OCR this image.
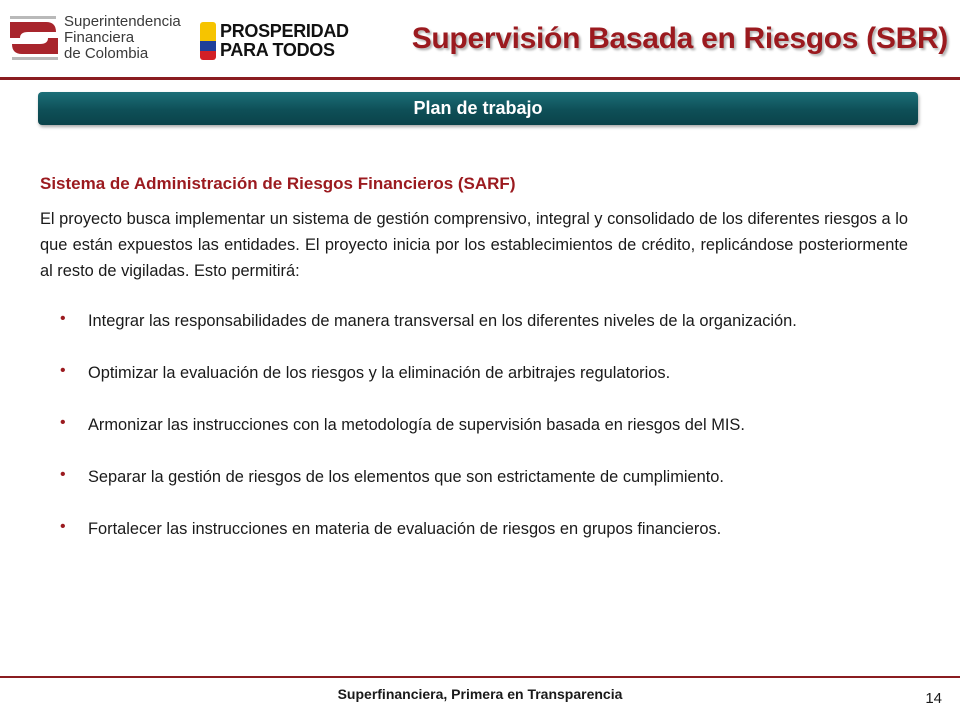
Superintendencia
Financiera
de Colombia
PROSPERIDAD
PARA TODOS	Supervisión Basada en Riesgos (SBR)
Plan de trabajo

Sistema de Administración de Riesgos Financieros (SARF)

El proyecto busca implementar un sistema de gestión comprensivo, integral y consolidado de los diferentes riesgos a lo que están expuestos las entidades. El proyecto inicia por los establecimientos de crédito, replicándose posteriormente al resto de vigiladas. Esto permitirá:

• Integrar las responsabilidades de manera transversal en los diferentes niveles de la organización.
• Optimizar la evaluación de los riesgos y la eliminación de arbitrajes regulatorios.
• Armonizar las instrucciones con la metodología de supervisión basada en riesgos del MIS.
• Separar la gestión de riesgos de los elementos que son estrictamente de cumplimiento.
• Fortalecer las instrucciones en materia de evaluación de riesgos en grupos financieros.
Superfinanciera, Primera en Transparencia	14
